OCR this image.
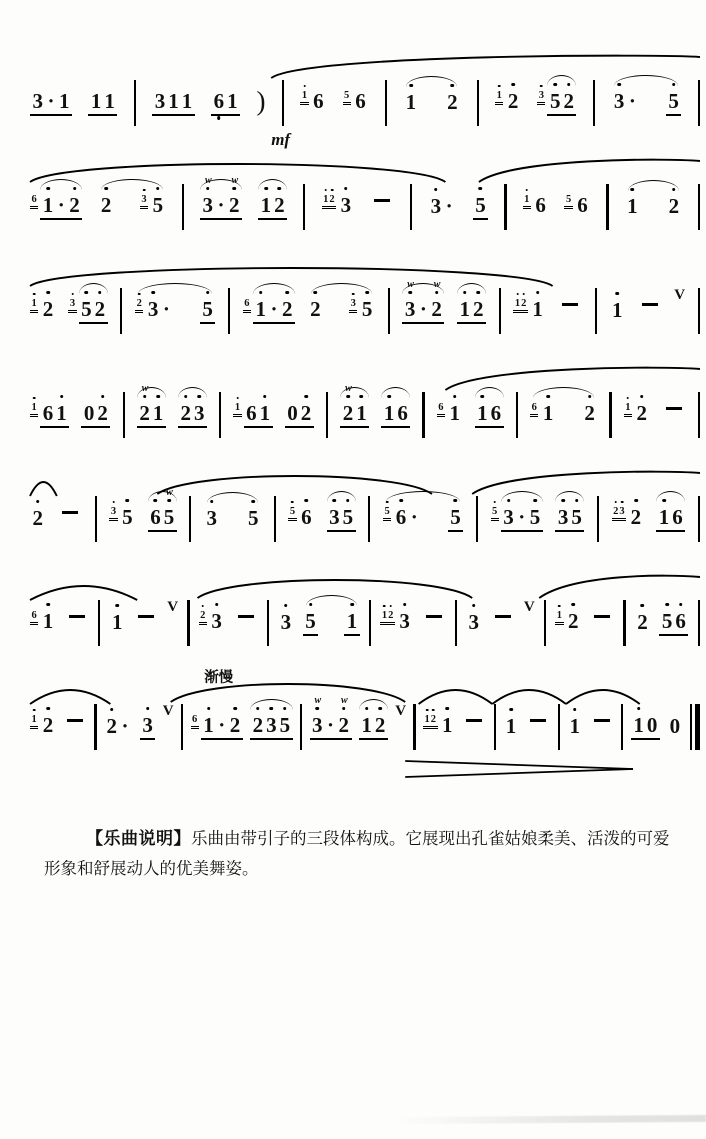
3 · 1 1 1 3 1 1 6 1 )	1 6 5 6 1 2	1 2 3 5 2 3 · 5
mf
6 1 · 2 2	3 5 3
w
· 2
w
1 2	1 2 3	3 · 5	1 6 5 6 1 2
1 2 3 5 2	2 3 · 5	6 1 · 2 2	3 5 3
w
· 2
w
1 2	1 2 1	1
V
1 6 1 0 2 2
w
1 2 3	1 6 1 0 2 2
w
1 1 6	6 1 1 6	6 1 2	1 2
2	3 5 6 5
w
3 5	5 6 3 5	5 6 · 5	5 3 · 5 3 5	2 3 2 1 6
6 1	1
V
2 3	3 5 1 1 2 3	3
V
1 2	2 5 6
1 2	2 · 3
V
6 1 · 2 2 3 5 3
w
· 2
w
1 2
V
1 2 1	1	1	1 0 0
渐慢

【乐曲说明】乐曲由带引子的三段体构成。它展现出孔雀姑娘柔美、活泼的可爱形象和舒展动人的优美舞姿。
